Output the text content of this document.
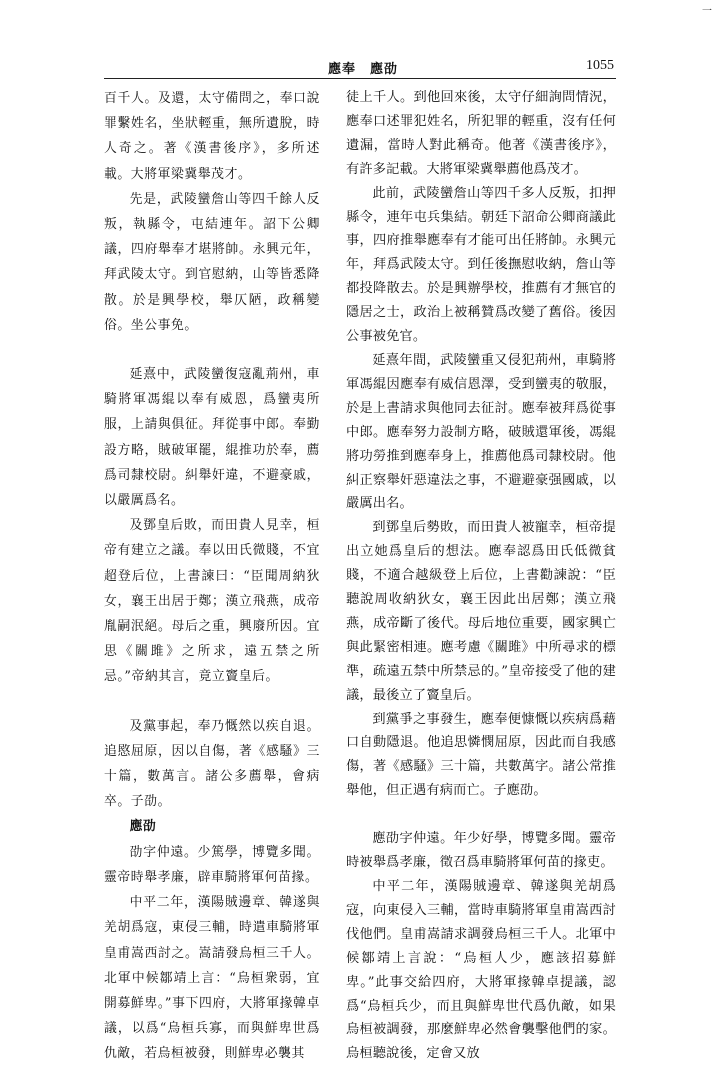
一
應奉　應劭	1055

百千人。及還，太守備問之，奉口說罪繫姓名，坐狀輕重，無所遺脫，時人奇之。著《漢書後序》，多所述載。大將軍梁冀舉茂才。

先是，武陵蠻詹山等四千餘人反叛，執縣令，屯結連年。詔下公卿議，四府舉奉才堪將帥。永興元年，拜武陵太守。到官慰納，山等皆悉降散。於是興學校，舉仄陋，政稱變俗。坐公事免。

延熹中，武陵蠻復寇亂荊州，車騎將軍馮緄以奉有威恩，爲蠻夷所服，上請與俱征。拜從事中郎。奉勤設方略，賊破軍罷，緄推功於奉，薦爲司隸校尉。糾舉奸違，不避豪戚，以嚴厲爲名。

及鄧皇后敗，而田貴人見幸，桓帝有建立之議。奉以田氏微賤，不宜超登后位，上書諫曰：“臣聞周納狄女，襄王出居于鄭；漢立飛燕，成帝胤嗣泯絕。母后之重，興廢所因。宜思《關雎》之所求，遠五禁之所忌。”帝納其言，竟立竇皇后。

及黨事起，奉乃慨然以疾自退。追愍屈原，因以自傷，著《感騷》三十篇，數萬言。諸公多薦舉，會病卒。子劭。

應劭

劭字仲遠。少篤學，博覽多聞。靈帝時舉孝廉，辟車騎將軍何苗掾。

中平二年，漢陽賊邊章、韓遂與羌胡爲寇，東侵三輔，時遣車騎將軍皇甫嵩西討之。嵩請發烏桓三千人。北軍中候鄒靖上言：“烏桓衆弱，宜開募鮮卑。”事下四府，大將軍掾韓卓議，以爲“烏桓兵寡，而與鮮卑世爲仇敵，若烏桓被發，則鮮卑必襲其

徒上千人。到他回來後，太守仔細詢問情況，應奉口述罪犯姓名，所犯罪的輕重，沒有任何遺漏，當時人對此稱奇。他著《漢書後序》，有許多記載。大將軍梁冀舉薦他爲茂才。

此前，武陵蠻詹山等四千多人反叛，扣押縣令，連年屯兵集結。朝廷下詔命公卿商議此事，四府推舉應奉有才能可出任將帥。永興元年，拜爲武陵太守。到任後撫慰收納，詹山等都投降散去。於是興辦學校，推薦有才無官的隱居之士，政治上被稱贊爲改變了舊俗。後因公事被免官。

延熹年間，武陵蠻重又侵犯荊州，車騎將軍馮緄因應奉有威信恩澤，受到蠻夷的敬服，於是上書請求與他同去征討。應奉被拜爲從事中郎。應奉努力設制方略，破賊還軍後，馮緄將功勞推到應奉身上，推薦他爲司隸校尉。他糾正察舉奸惡違法之事，不避避豪强國戚，以嚴厲出名。

到鄧皇后勢敗，而田貴人被寵幸，桓帝提出立她爲皇后的想法。應奉認爲田氏低微貧賤，不適合越級登上后位，上書勸諫說：“臣聽說周收納狄女，襄王因此出居鄭；漢立飛燕，成帝斷了後代。母后地位重要，國家興亡與此緊密相連。應考慮《關雎》中所尋求的標準，疏遠五禁中所禁忌的。”皇帝接受了他的建議，最後立了竇皇后。

到黨爭之事發生，應奉便慷慨以疾病爲藉口自動隱退。他追思憐憫屈原，因此而自我感傷，著《感騷》三十篇，共數萬字。諸公常推舉他，但正遇有病而亡。子應劭。

應劭字仲遠。年少好學，博覽多聞。靈帝時被舉爲孝廉，徵召爲車騎將軍何苗的掾吏。

中平二年，漢陽賊邊章、韓遂與羌胡爲寇，向東侵入三輔，當時車騎將軍皇甫嵩西討伐他們。皇甫嵩請求調發烏桓三千人。北軍中候鄒靖上言說：“烏桓人少，應該招募鮮卑。”此事交給四府，大將軍掾韓卓提議，認爲“烏桓兵少，而且與鮮卑世代爲仇敵，如果烏桓被調發，那麼鮮卑必然會襲擊他們的家。烏桓聽說後，定會又放
